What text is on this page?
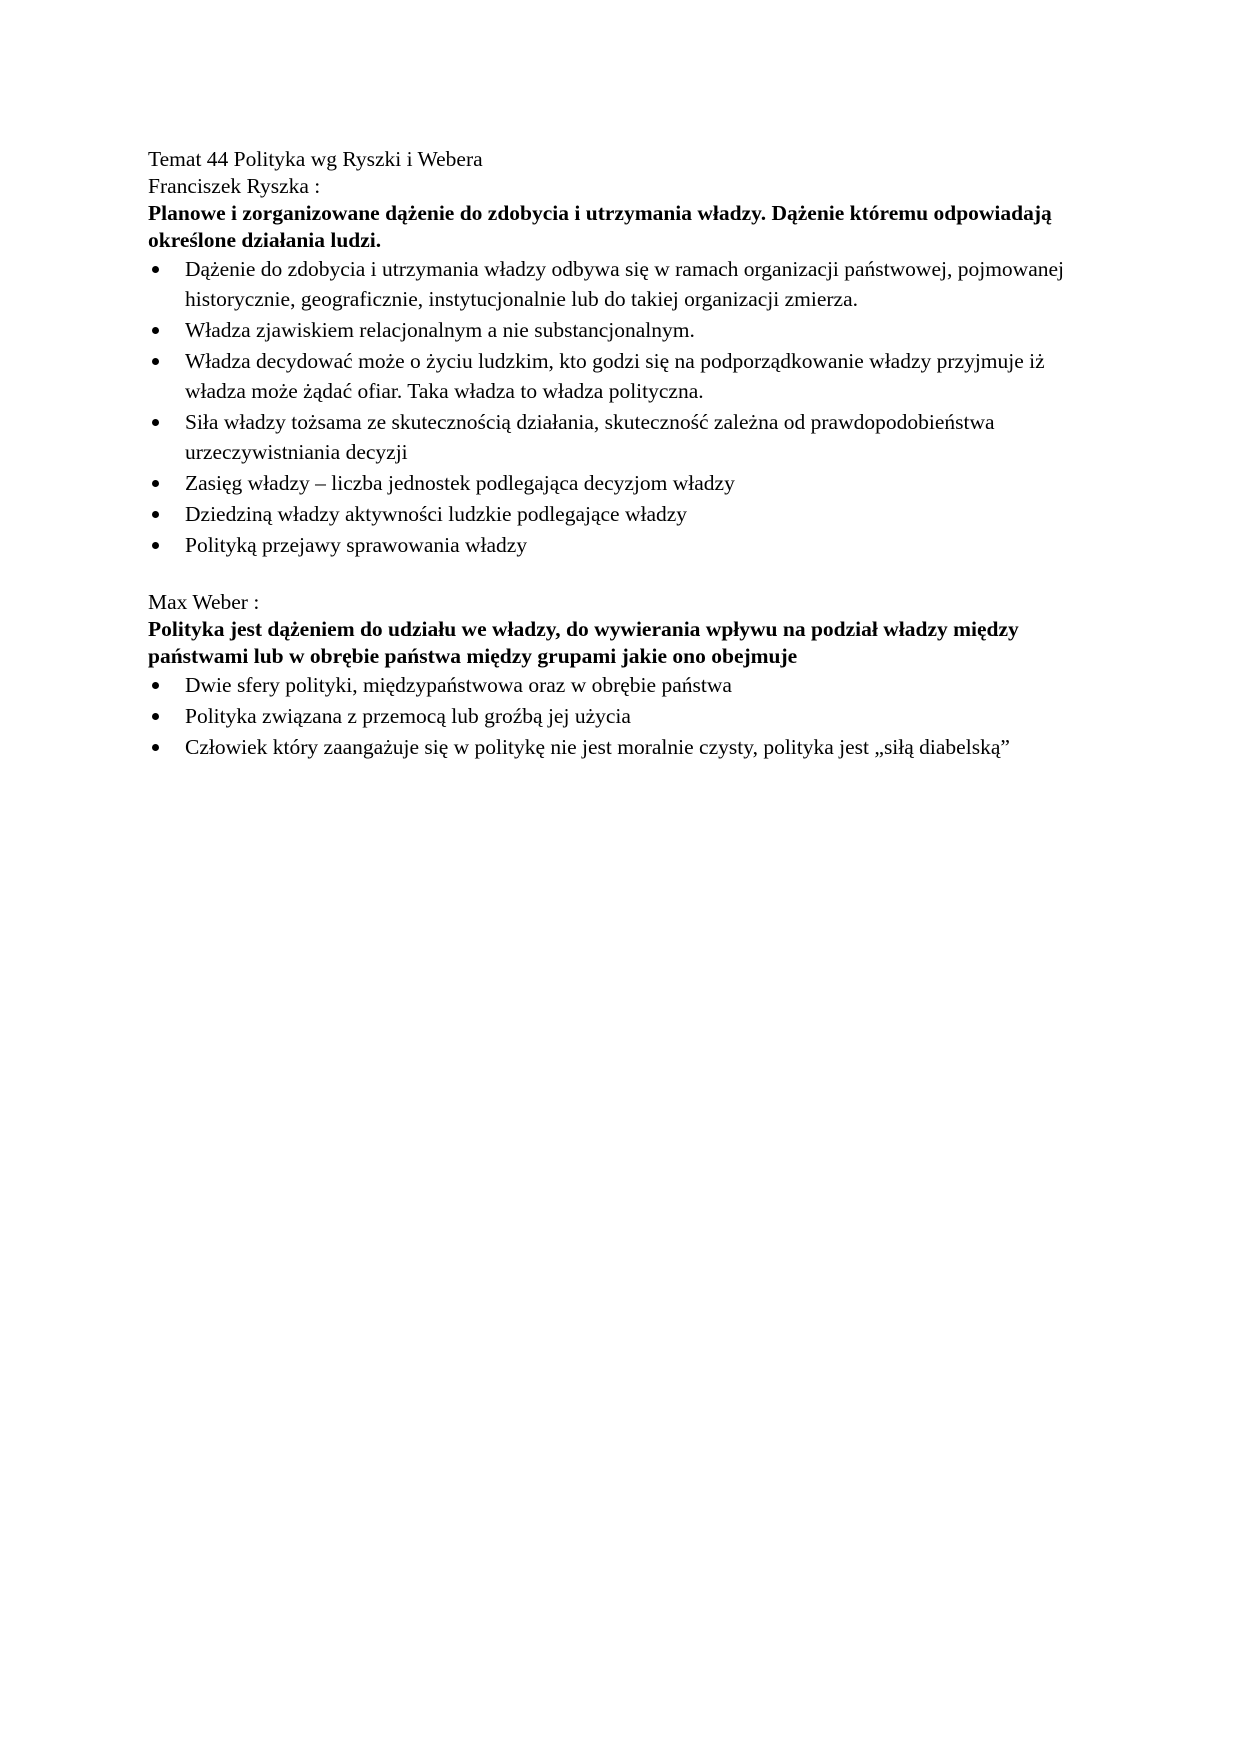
Temat 44 Polityka wg Ryszki i Webera

Franciszek Ryszka :

Planowe i zorganizowane dążenie do zdobycia i utrzymania władzy. Dążenie któremu odpowiadają określone działania ludzi.

Dążenie do zdobycia i utrzymania władzy odbywa się w ramach organizacji państwowej, pojmowanej historycznie, geograficznie, instytucjonalnie lub do takiej organizacji zmierza.
Władza zjawiskiem relacjonalnym a nie substancjonalnym.
Władza decydować może o życiu ludzkim, kto godzi się na podporządkowanie władzy przyjmuje iż władza może żądać ofiar. Taka władza to władza polityczna.
Siła władzy tożsama ze skutecznością działania, skuteczność zależna od prawdopodobieństwa urzeczywistniania decyzji
Zasięg władzy – liczba jednostek podlegająca decyzjom władzy
Dziedziną władzy aktywności ludzkie podlegające władzy
Polityką przejawy sprawowania władzy

Max Weber :

Polityka jest dążeniem do udziału we władzy, do wywierania wpływu na podział władzy między państwami lub w obrębie państwa między grupami jakie ono obejmuje

Dwie sfery polityki, międzypaństwowa oraz w obrębie państwa
Polityka związana z przemocą lub groźbą jej użycia
Człowiek który zaangażuje się w politykę nie jest moralnie czysty, polityka jest „siłą diabelską”
